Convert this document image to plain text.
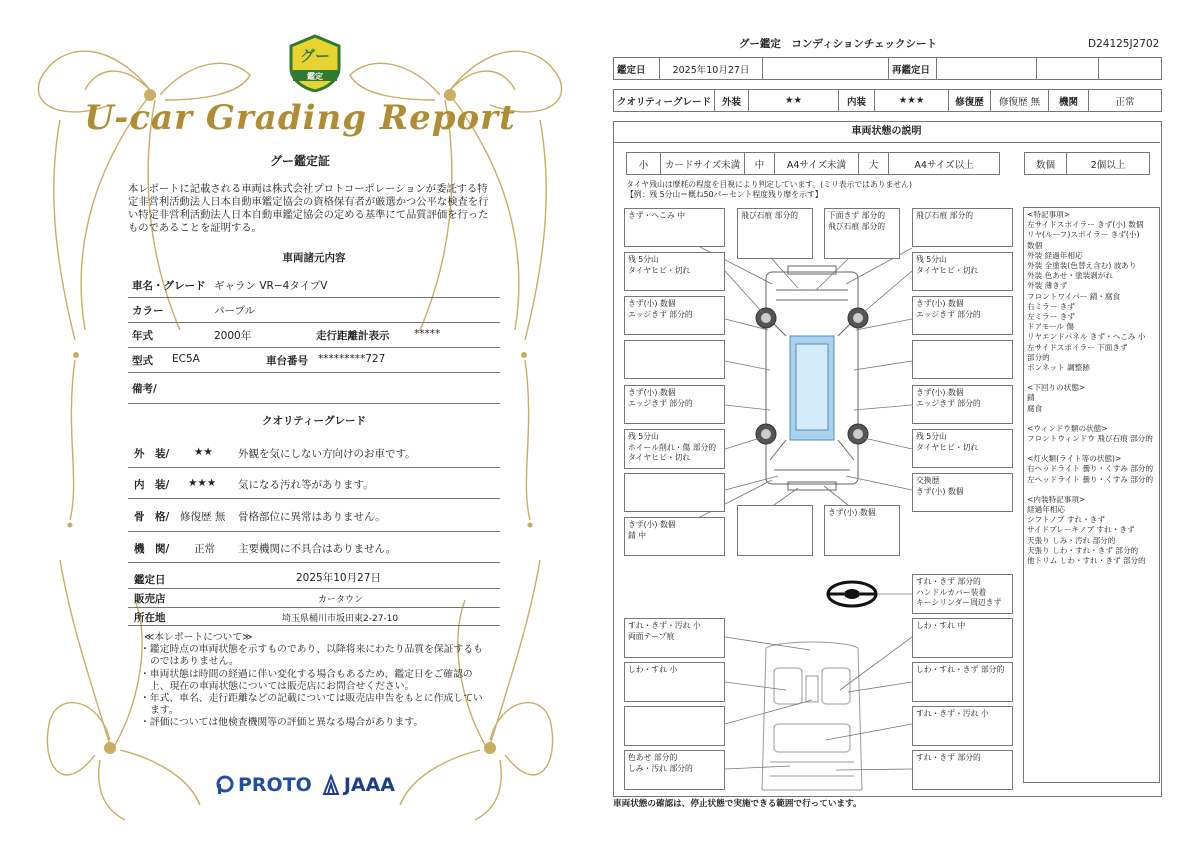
グー
鑑定
U-car Grading Report
グー鑑定証
本レポートに記載される車両は株式会社プロトコーポレーションが委託する特定非営利活動法人日本自動車鑑定協会の資格保有者が厳選かつ公平な検査を行い特定非営利活動法人日本自動車鑑定協会の定める基準にて品質評価を行ったものであることを証明する。
車両諸元内容
車名・グレード ギャラン VR−4タイプV
カラー	パープル
年式	2000年	走行距離計表示 *****
型式 EC5A	車台番号 *********727
備考/
クオリティーグレード
外　装/ ★★ 外観を気にしない方向けのお車です。
内　装/ ★★★ 気になる汚れ等があります。
骨　格/ 修復歴 無 骨格部位に異常はありません。
機　関/ 正常 主要機関に不具合はありません。
鑑定日	2025年10月27日
販売店	カータウン
所在地	埼玉県桶川市坂田東2-27-10
≪本レポートについて≫
・鑑定時点の車両状態を示すものであり、以降将来にわたり品質を保証するものではありません。
・車両状態は時間の経過に伴い変化する場合もあるため、鑑定日をご確認の上、現在の車両状態については販売店にお問合せください。
・年式、車名、走行距離などの記載については販売店申告をもとに作成しています。
・評価については他検査機関等の評価と異なる場合があります。
PROTO JAAA
グー鑑定　コンディションチェックシート	D24125J2702
鑑定日	2025年10月27日		再鑑定日			
クオリティーグレード	外装	★★	内装	★★★	修復歴	修復歴 無	機関	正常
車両状態の説明
小	カードサイズ未満	中	A4サイズ未満	大	A4サイズ以上	数個	2個以上
タイヤ残山は摩耗の程度を目視により判定しています。(ミリ表示ではありません)
【例：残 5分山＝概ね50パーセント程度残り摩を示す】
きず・へこみ 中	飛び石痕 部分的	下面きず 部分的
飛び石痕 部分的
飛び石痕 部分的
残 5分山
タイヤヒビ・切れ
残 5分山
タイヤヒビ・切れ
きず(小) 数個
エッジきず 部分的
きず(小) 数個
エッジきず 部分的
きず(小) 数個
エッジきず 部分的
きず(小) 数個
エッジきず 部分的
残 5分山
ホイール削れ・傷 部分的
タイヤヒビ・切れ
残 5分山
タイヤヒビ・切れ
交換歴
きず(小) 数個
きず(小) 数個
錆 中
きず(小) 数個
すれ・きず 部分的
ハンドルカバー装着
キーシリンダー周辺きず
すれ・きず・汚れ 小
両面テープ痕
しわ・すれ 中
しわ・すれ 小	しわ・すれ・きず 部分的
すれ・きず・汚れ 小
色あせ 部分的
しみ・汚れ 部分的
すれ・きず 部分的
<特記事項>
左サイドスポイラー きず(小) 数個
リヤ(ルーフ)スポイラー きず(小)
数個
外装 経過年相応
外装 全塗装(色替え含む) 波あり
外装 色あせ・塗装剥がれ
外装 薄きず
フロントワイパー 錆・腐食
右ミラー きず
左ミラー きず
ドアモール 傷
リヤエンドパネル きず・へこみ 小
左サイドスポイラー 下面きず
部分的
ボンネット 調整跡
<下回りの状態>
錆
腐食
<ウィンドウ類の状態>
フロントウィンドウ 飛び石痕 部分的
<灯火類(ライト等の状態)>
右ヘッドライト 曇り・くすみ 部分的
左ヘッドライト 曇り・くすみ 部分的
<内装特記事項>
経過年相応
シフトノブ すれ・きず
サイドブレーキノブ すれ・きず
天張り しみ・汚れ 部分的
天張り しわ・すれ・きず 部分的
他トリム しわ・すれ・きず 部分的
車両状態の確認は、停止状態で実施できる範囲で行っています。
